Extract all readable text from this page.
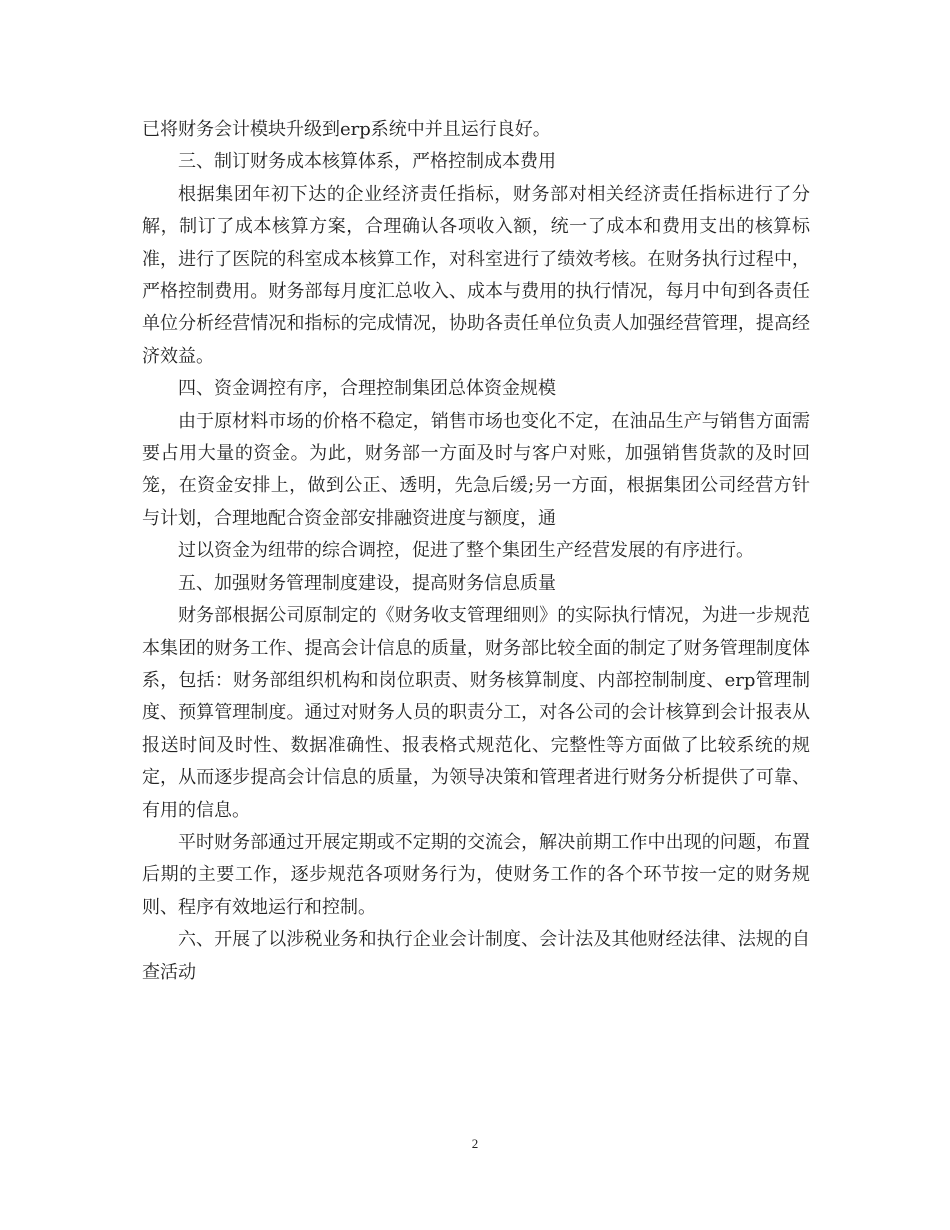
已将财务会计模块升级到erp系统中并且运行良好。

三、制订财务成本核算体系，严格控制成本费用

根据集团年初下达的企业经济责任指标，财务部对相关经济责任指标进行了分解，制订了成本核算方案，合理确认各项收入额，统一了成本和费用支出的核算标准，进行了医院的科室成本核算工作，对科室进行了绩效考核。在财务执行过程中，严格控制费用。财务部每月度汇总收入、成本与费用的执行情况，每月中旬到各责任单位分析经营情况和指标的完成情况，协助各责任单位负责人加强经营管理，提高经济效益。

四、资金调控有序，合理控制集团总体资金规模

由于原材料市场的价格不稳定，销售市场也变化不定，在油品生产与销售方面需要占用大量的资金。为此，财务部一方面及时与客户对账，加强销售货款的及时回笼，在资金安排上，做到公正、透明，先急后缓;另一方面，根据集团公司经营方针与计划，合理地配合资金部安排融资进度与额度，通

过以资金为纽带的综合调控，促进了整个集团生产经营发展的有序进行。

五、加强财务管理制度建设，提高财务信息质量

财务部根据公司原制定的《财务收支管理细则》的实际执行情况，为进一步规范本集团的财务工作、提高会计信息的质量，财务部比较全面的制定了财务管理制度体系，包括：财务部组织机构和岗位职责、财务核算制度、内部控制制度、erp管理制度、预算管理制度。通过对财务人员的职责分工，对各公司的会计核算到会计报表从报送时间及时性、数据准确性、报表格式规范化、完整性等方面做了比较系统的规定，从而逐步提高会计信息的质量，为领导决策和管理者进行财务分析提供了可靠、有用的信息。

平时财务部通过开展定期或不定期的交流会，解决前期工作中出现的问题，布置后期的主要工作，逐步规范各项财务行为，使财务工作的各个环节按一定的财务规则、程序有效地运行和控制。

六、开展了以涉税业务和执行企业会计制度、会计法及其他财经法律、法规的自查活动

2
